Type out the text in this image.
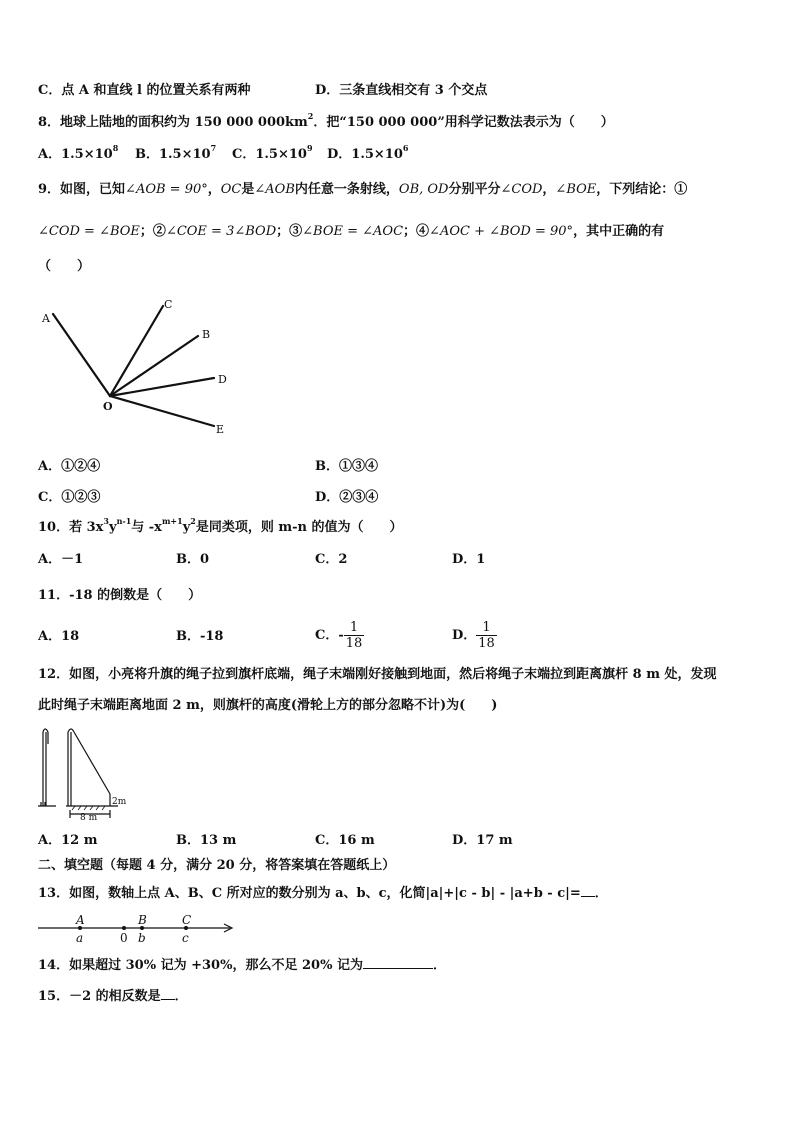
C．点 A 和直线 l 的位置关系有两种	D．三条直线相交有 3 个交点
8．地球上陆地的面积约为 150 000 $000km^2$．把“150 000 000”用科学记数法表示为（　　）
A．$1.5\times 10^8$ B．$1.5\times 10^7$ C．$1.5\times 10^9$ D．$1.5\times 10^6$
9．如图，已知∠AOB = 90°，OC是∠AOB内任意一条射线，OB, OD分别平分∠COD，∠BOE，下列结论：①
∠COD = ∠BOE；②∠COE = 3∠BOD；③∠BOE = ∠AOC；④∠AOC + ∠BOD = 90°，其中正确的有
（　　）
A
C
B
D
O
E
A．①②④	B．①③④
C．①②③	D．②③④
10．若 $3x^3y^{n-1}$与 $-x^{m+1}y^2$是同类项，则 m-n 的值为（　　）
A．－1	B．0	C．2	D．1
11．-18 的倒数是（　　）
A．18	B．-18	C．- $\frac{1}{18}$	D． $\frac{1}{18}$
12．如图，小亮将升旗的绳子拉到旗杆底端，绳子末端刚好接触到地面，然后将绳子末端拉到距离旗杆 8 m 处，发现
此时绳子末端距离地面 2 m，则旗杆的高度(滑轮上方的部分忽略不计)为(　　)
8 m
2m
A．12 m	B．13 m	C．16 m	D．17 m
二、填空题（每题 4 分，满分 20 分，将答案填在答题纸上）
13．如图，数轴上点 A、B、C 所对应的数分别为 a、b、c，化简|a|+|c - b| - |a+b - c|= ．
A
a	0
B
b
C
c
14．如果超过 30% 记为 +30%，那么不足 20% 记为	．
15．－2 的相反数是 ．
